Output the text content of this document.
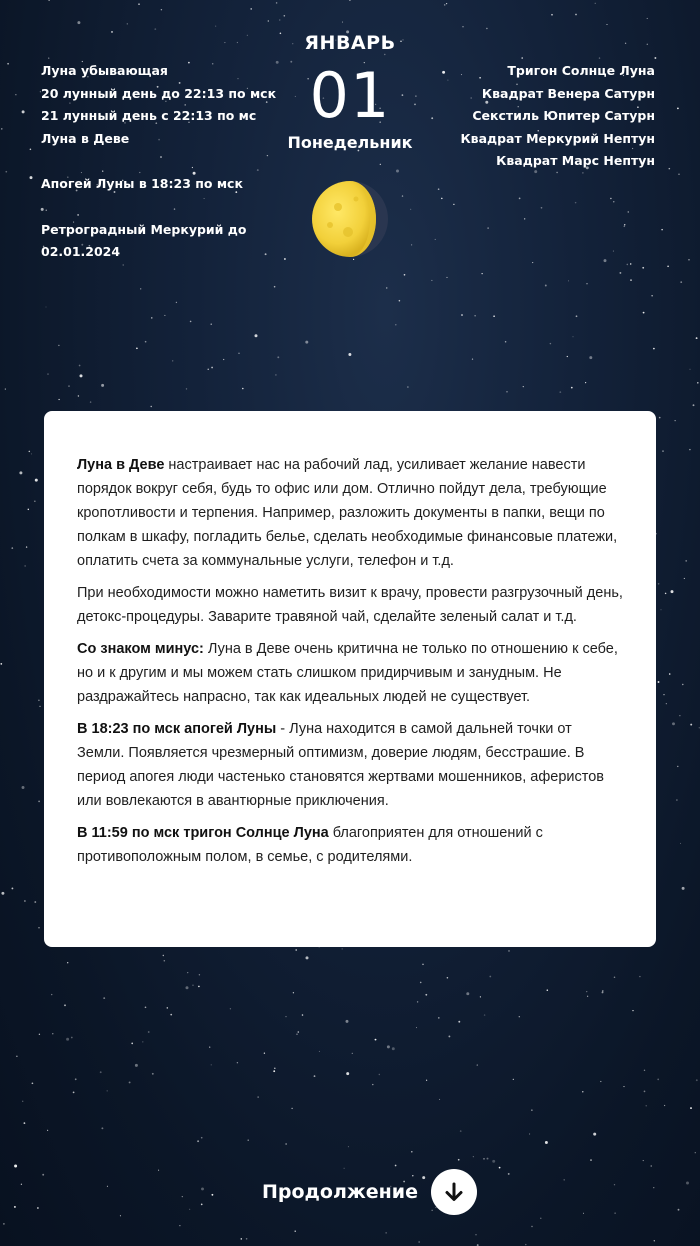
Луна убывающая
20 лунный день до 22:13 по мск
21 лунный день с 22:13 по мс
Луна в Деве
Апогей Луны в 18:23 по мск
Ретроградный Меркурий до
02.01.2024
ЯНВАРЬ
01
Понедельник
Тригон Солнце Луна
Квадрат Венера Сатурн
Секстиль Юпитер Сатурн
Квадрат Меркурий Нептун
Квадрат Марс Нептун

Луна в Деве настраивает нас на рабочий лад, усиливает желание навести порядок вокруг себя, будь то офис или дом. Отлично пойдут дела, требующие кропотливости и терпения. Например, разложить документы в папки, вещи по полкам в шкафу, погладить белье, сделать необходимые финансовые платежи, оплатить счета за коммунальные услуги, телефон и т.д.

При необходимости можно наметить визит к врачу, провести разгрузочный день, детокс-процедуры. Заварите травяной чай, сделайте зеленый салат и т.д.

Со знаком минус: Луна в Деве очень критична не только по отношению к себе, но и к другим и мы можем стать слишком придирчивым и занудным. Не раздражайтесь напрасно, так как идеальных людей не существует.

В 18:23 по мск апогей Луны - Луна находится в самой дальней точки от Земли. Появляется чрезмерный оптимизм, доверие людям, бесстрашие. В период апогея люди частенько становятся жертвами мошенников, аферистов или вовлекаются в авантюрные приключения.

В 11:59 по мск тригон Солнце Луна благоприятен для отношений с противоположным полом, в семье, с родителями.

Продолжение
